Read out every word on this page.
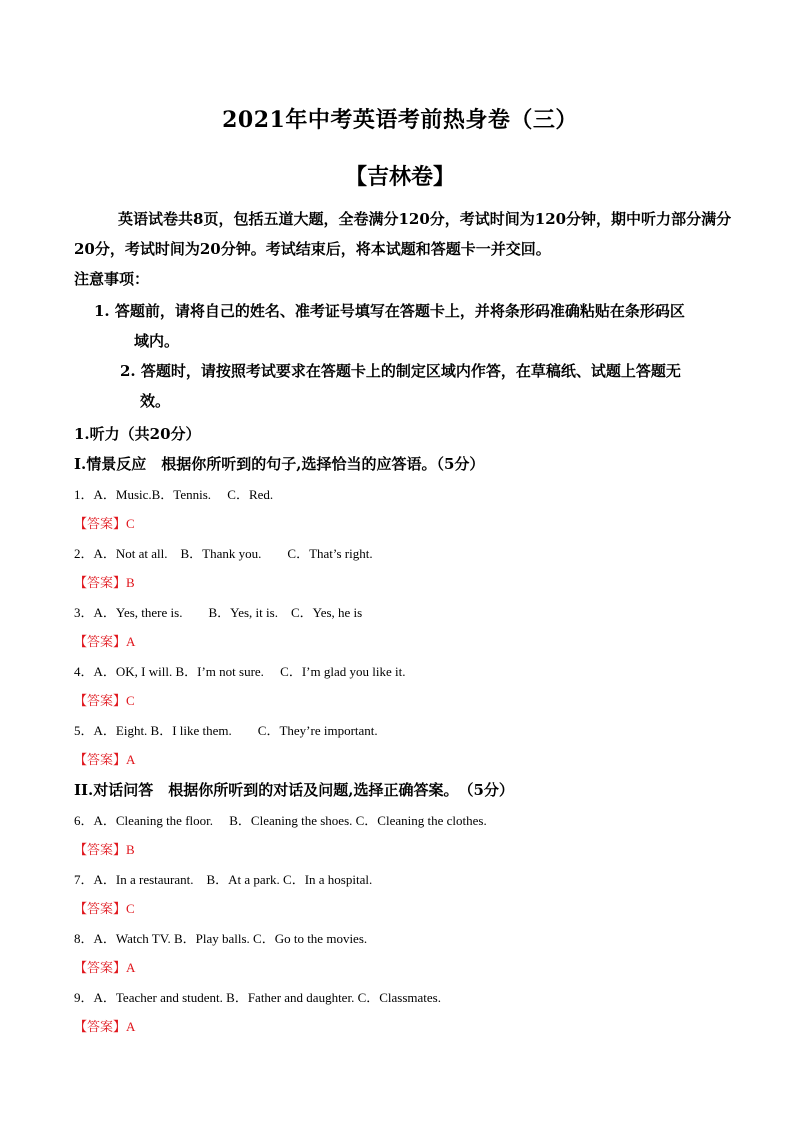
2021年中考英语考前热身卷（三）
【吉林卷】

英语试卷共8页，包括五道大题，全卷满分120分，考试时间为120分钟，期中听力部分满分20分，考试时间为20分钟。考试结束后，将本试题和答题卡一并交回。

注意事项：
1. 答题前，请将自己的姓名、准考证号填写在答题卡上，并将条形码准确粘贴在条形码区
域内。
2. 答题时，请按照考试要求在答题卡上的制定区域内作答，在草稿纸、试题上答题无
效。
1.听力（共20分）
I.情景反应　根据你所听到的句子,选择恰当的应答语。（5分）
1．A．Music.B．Tennis.　 C．Red.
【答案】C
2．A．Not at all.　B．Thank you.　　C．That’s right.
【答案】B
3．A．Yes, there is.　　B．Yes, it is.　C．Yes, he is
【答案】A
4．A．OK, I will. B．I’m not sure.　 C．I’m glad you like it.
【答案】C
5．A．Eight. B．I like them.　　C．They’re important.
【答案】A
II.对话问答　根据你所听到的对话及问题,选择正确答案。　（5分）
6．A．Cleaning the floor.　 B．Cleaning the shoes. C．Cleaning the clothes.
【答案】B
7．A．In a restaurant.　B．At a park. C．In a hospital.
【答案】C
8．A．Watch TV. B．Play balls. C．Go to the movies.
【答案】A
9．A．Teacher and student. B．Father and daughter. C．Classmates.
【答案】A
